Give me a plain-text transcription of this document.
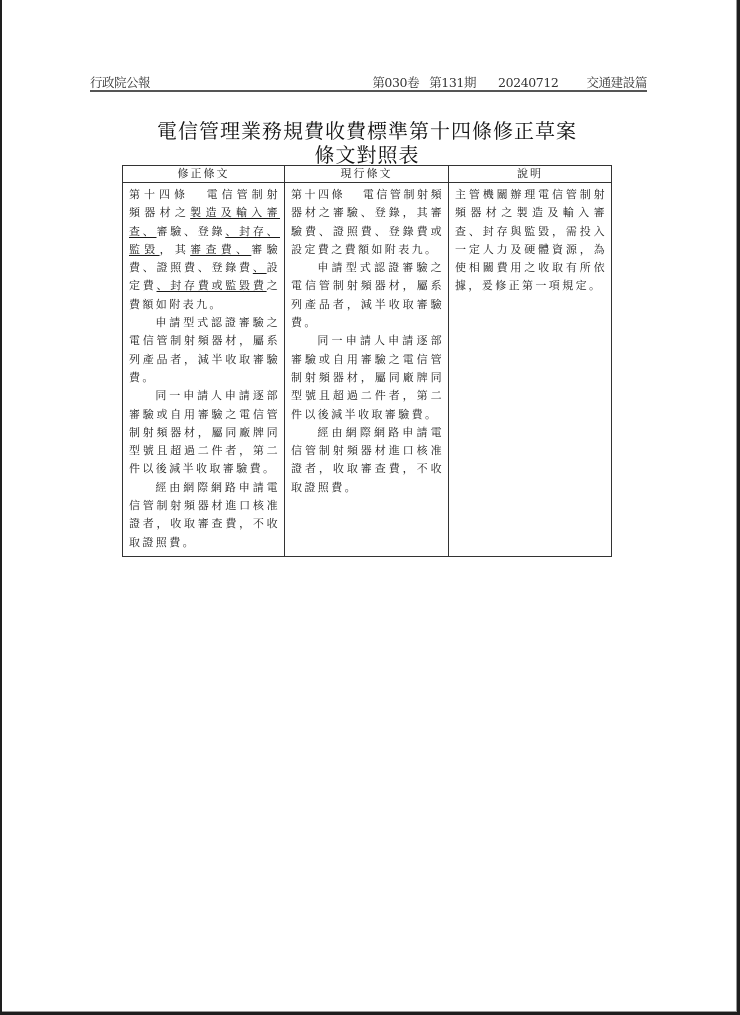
行政院公報	第030卷 第131期 20240712 交通建設篇
電信管理業務規費收費標準第十四條修正草案
條文對照表
修正條文	現行條文	說明

第十四條 電信管制射頻器材之製造及輸入審查、審驗、登錄、封存、監毀，其審查費、審驗費、證照費、登錄費、設定費、封存費或監毀費之費額如附表九。
申請型式認證審驗之電信管制射頻器材，屬系列產品者，減半收取審驗費。
同一申請人申請逐部審驗或自用審驗之電信管制射頻器材，屬同廠牌同型號且超過二件者，第二件以後減半收取審驗費。
經由網際網路申請電信管制射頻器材進口核准證者，收取審查費，不收取證照費。	第十四條 電信管制射頻器材之審驗、登錄，其審驗費、證照費、登錄費或設定費之費額如附表九。
申請型式認證審驗之電信管制射頻器材，屬系列產品者，減半收取審驗費。
同一申請人申請逐部審驗或自用審驗之電信管制射頻器材，屬同廠牌同型號且超過二件者，第二件以後減半收取審驗費。
經由網際網路申請電信管制射頻器材進口核准證者，收取審查費，不收取證照費。	主管機關辦理電信管制射頻器材之製造及輸入審查、封存與監毀，需投入一定人力及硬體資源，為使相關費用之收取有所依據，爰修正第一項規定。
